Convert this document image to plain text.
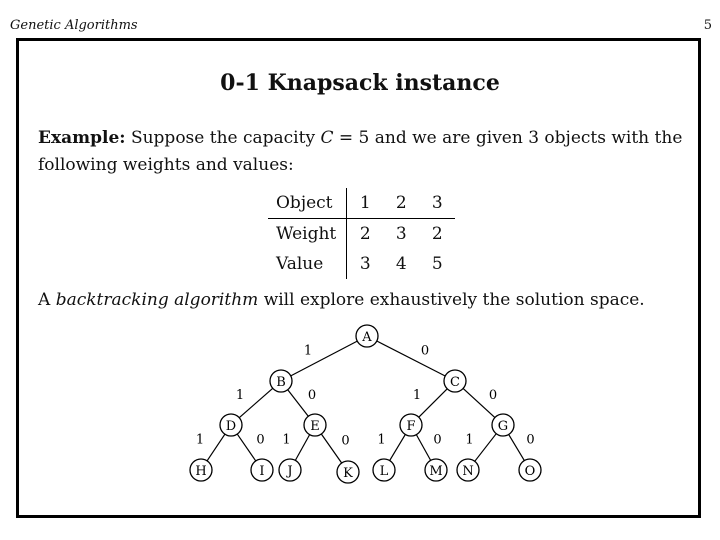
Genetic Algorithms	5
0-1 Knapsack instance
Example: Suppose the capacity C = 5 and we are given 3 objects with the following weights and values:
Object	1	2	3
Weight	2	3	2
Value	3	4	5
A backtracking algorithm will explore exhaustively the solution space.
1	0
1	0	1	0
1	0 1	0 1	0 1	0
A
B	C
D	E	F	G
H	I J	K L	M N	O
